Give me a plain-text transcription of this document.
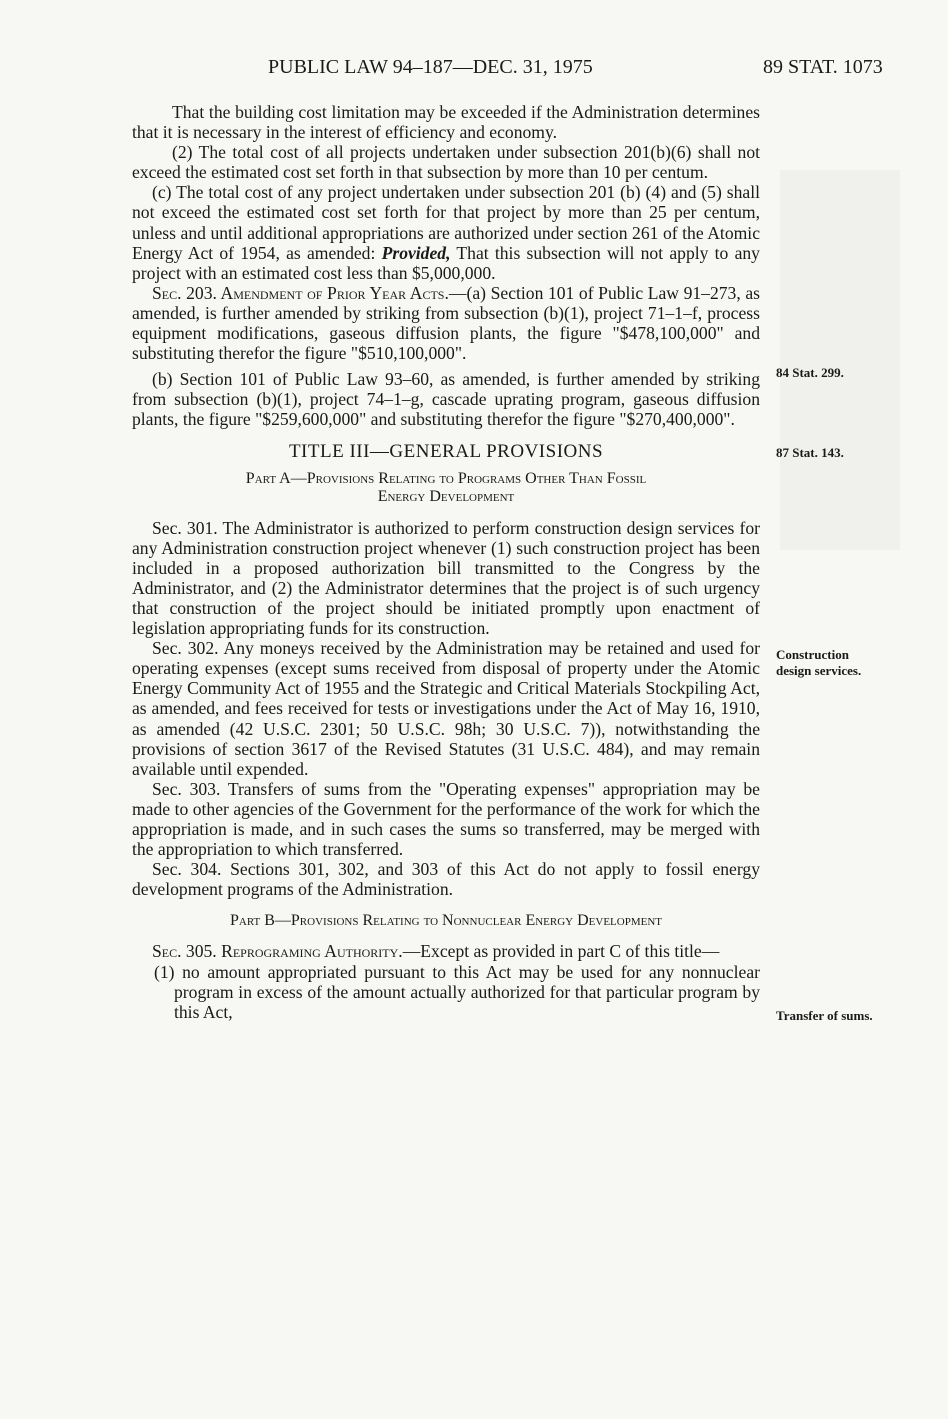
PUBLIC LAW 94–187—DEC. 31, 1975	89 STAT. 1073

That the building cost limitation may be exceeded if the Administration determines that it is necessary in the interest of efficiency and economy.

(2) The total cost of all projects undertaken under subsection 201(b)(6) shall not exceed the estimated cost set forth in that subsection by more than 10 per centum.

(c) The total cost of any project undertaken under subsection 201 (b) (4) and (5) shall not exceed the estimated cost set forth for that project by more than 25 per centum, unless and until additional appropriations are authorized under section 261 of the Atomic Energy Act of 1954, as amended: Provided, That this subsection will not apply to any project with an estimated cost less than $5,000,000.

Sec. 203. Amendment of Prior Year Acts.—(a) Section 101 of Public Law 91–273, as amended, is further amended by striking from subsection (b)(1), project 71–1–f, process equipment modifications, gaseous diffusion plants, the figure "$478,100,000" and substituting therefor the figure "$510,100,000".

(b) Section 101 of Public Law 93–60, as amended, is further amended by striking from subsection (b)(1), project 74–1–g, cascade uprating program, gaseous diffusion plants, the figure "$259,600,000" and substituting therefor the figure "$270,400,000".

TITLE III—GENERAL PROVISIONS
Part A—Provisions Relating to Programs Other Than Fossil
Energy Development

Sec. 301. The Administrator is authorized to perform construction design services for any Administration construction project whenever (1) such construction project has been included in a proposed authorization bill transmitted to the Congress by the Administrator, and (2) the Administrator determines that the project is of such urgency that construction of the project should be initiated promptly upon enactment of legislation appropriating funds for its construction.

Sec. 302. Any moneys received by the Administration may be retained and used for operating expenses (except sums received from disposal of property under the Atomic Energy Community Act of 1955 and the Strategic and Critical Materials Stockpiling Act, as amended, and fees received for tests or investigations under the Act of May 16, 1910, as amended (42 U.S.C. 2301; 50 U.S.C. 98h; 30 U.S.C. 7)), notwithstanding the provisions of section 3617 of the Revised Statutes (31 U.S.C. 484), and may remain available until expended.

Sec. 303. Transfers of sums from the "Operating expenses" appropriation may be made to other agencies of the Government for the performance of the work for which the appropriation is made, and in such cases the sums so transferred, may be merged with the appropriation to which transferred.

Sec. 304. Sections 301, 302, and 303 of this Act do not apply to fossil energy development programs of the Administration.

Part B—Provisions Relating to Nonnuclear Energy Development

Sec. 305. Reprograming Authority.—Except as provided in part C of this title—

(1) no amount appropriated pursuant to this Act may be used for any nonnuclear program in excess of the amount actually authorized for that particular program by this Act,

84 Stat. 299.
87 Stat. 143.
Construction
design services.
Transfer of sums.
